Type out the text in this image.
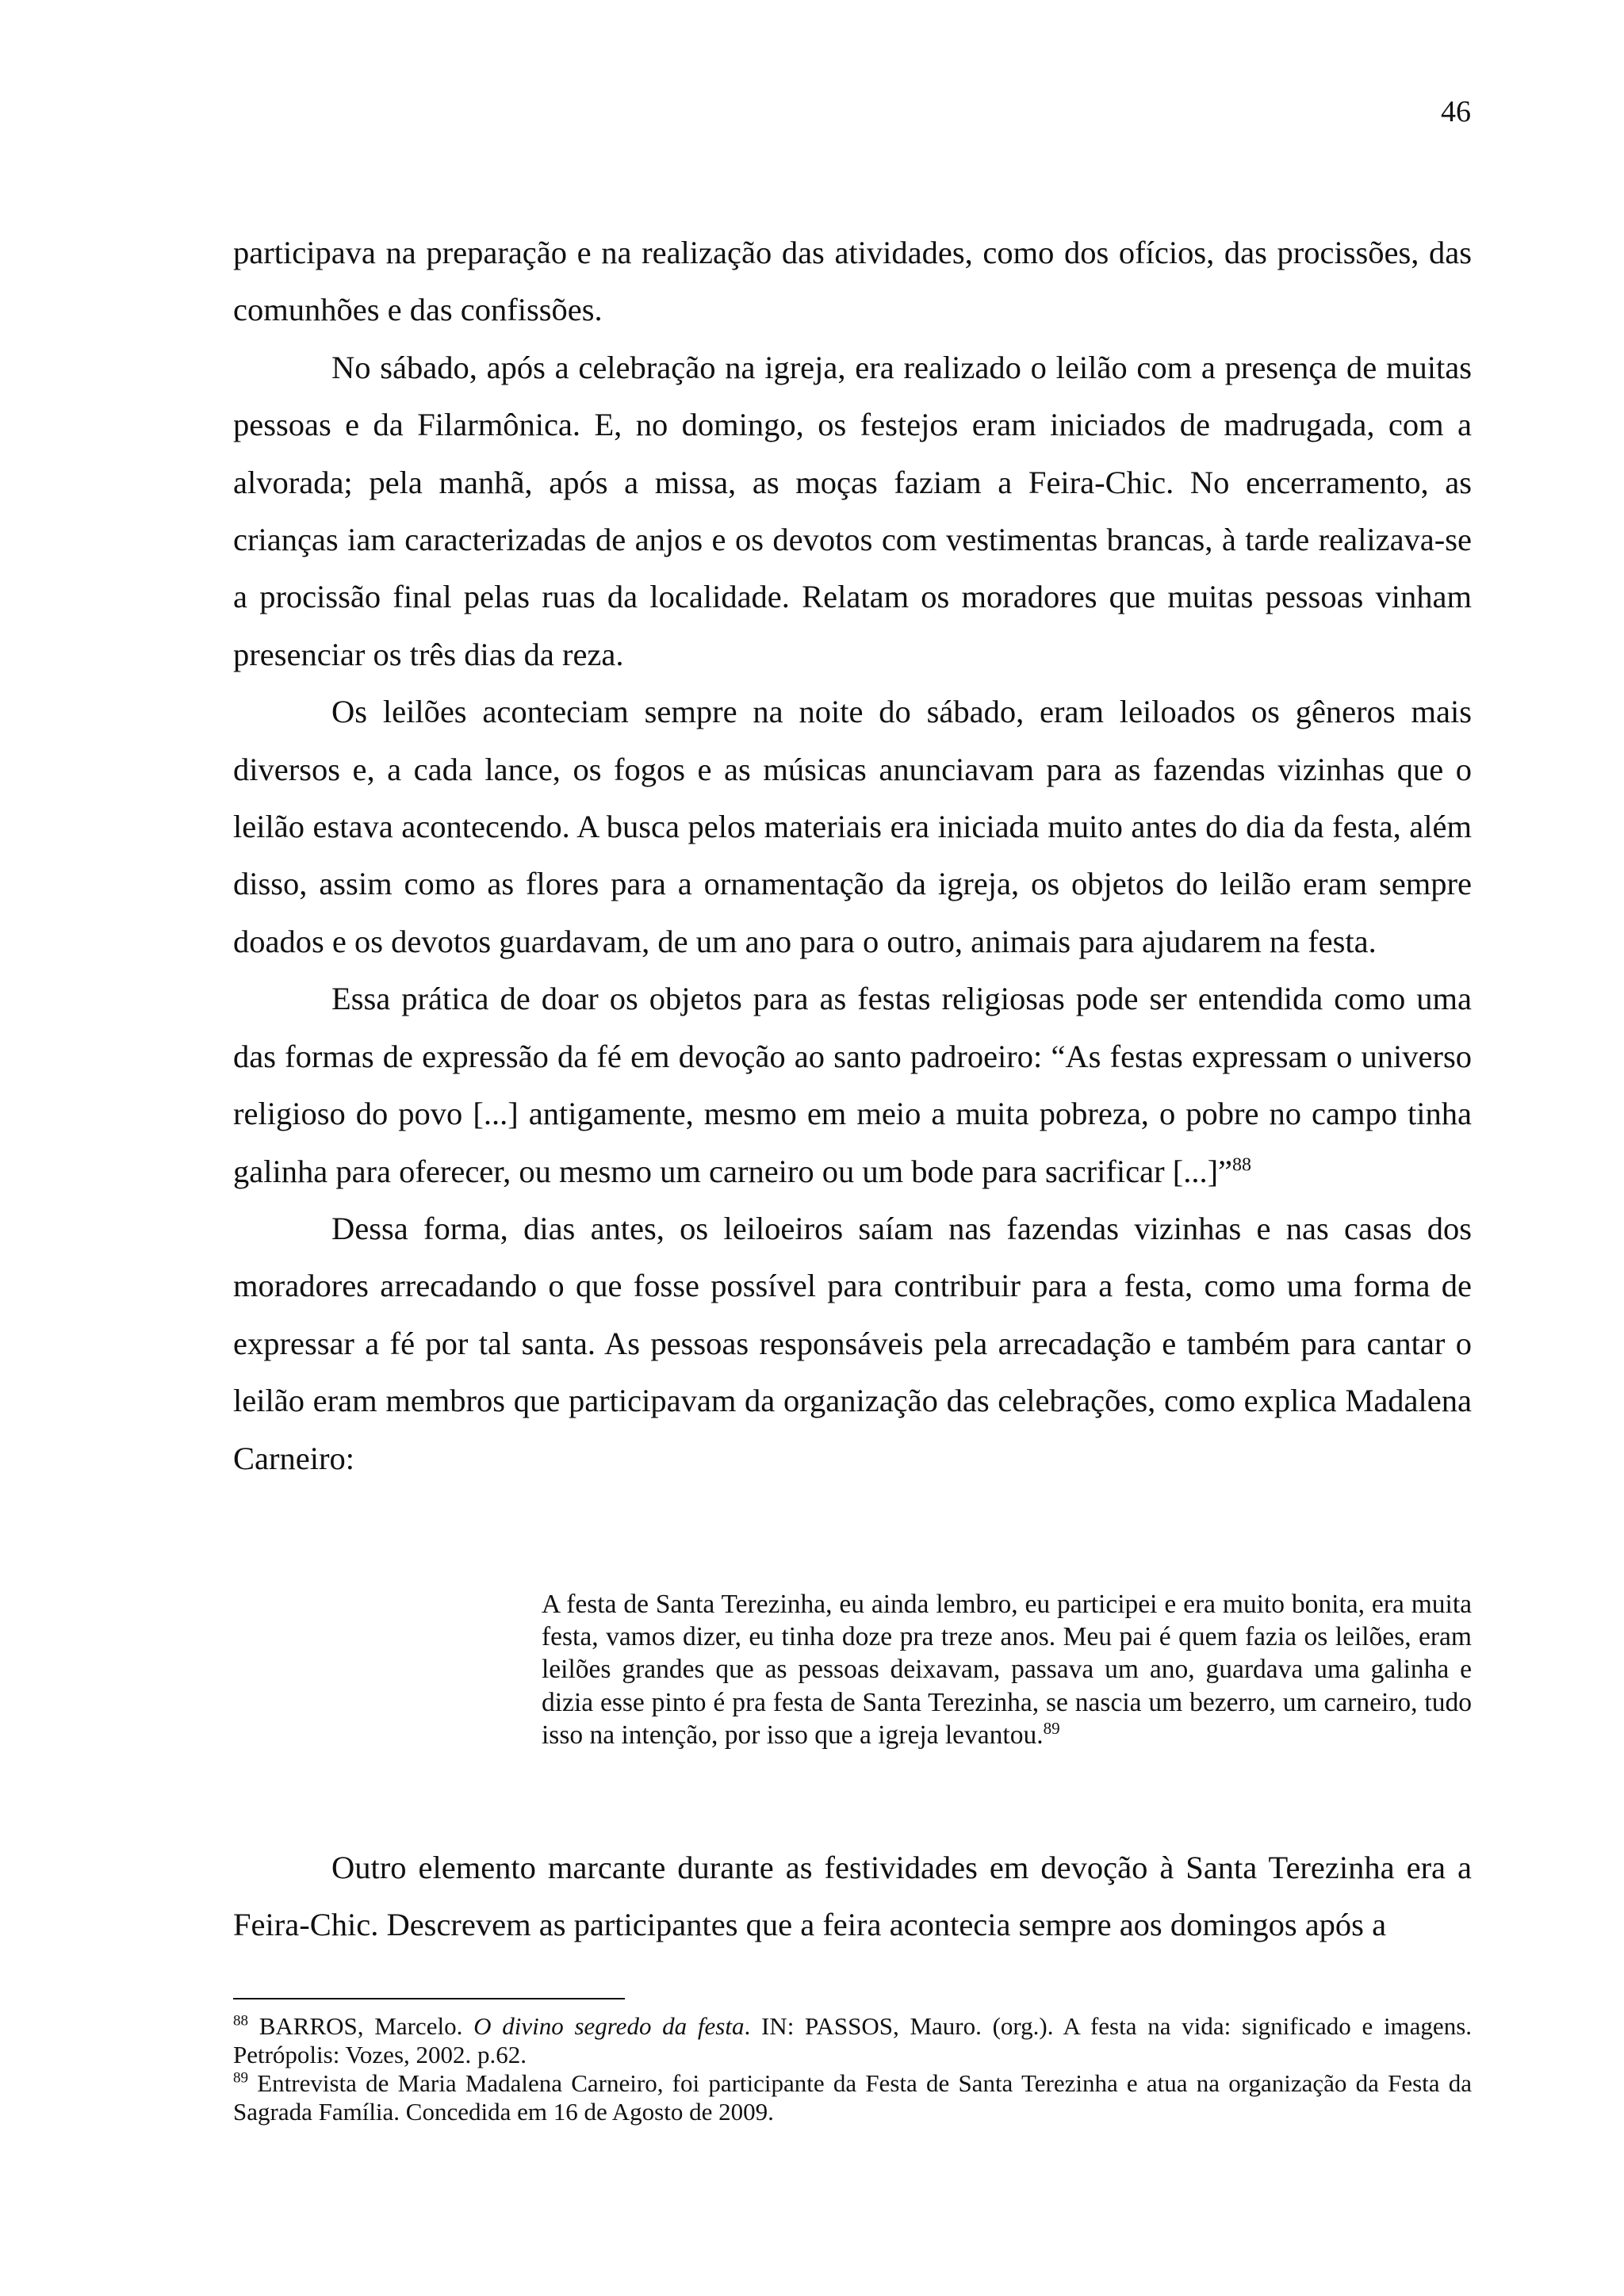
46

participava na preparação e na realização das atividades, como dos ofícios, das procissões, das comunhões e das confissões.

No sábado, após a celebração na igreja, era realizado o leilão com a presença de muitas pessoas e da Filarmônica. E, no domingo, os festejos eram iniciados de madrugada, com a alvorada; pela manhã, após a missa, as moças faziam a Feira-Chic. No encerramento, as crianças iam caracterizadas de anjos e os devotos com vestimentas brancas, à tarde realizava-se a procissão final pelas ruas da localidade. Relatam os moradores que muitas pessoas vinham presenciar os três dias da reza.

Os leilões aconteciam sempre na noite do sábado, eram leiloados os gêneros mais diversos e, a cada lance, os fogos e as músicas anunciavam para as fazendas vizinhas que o leilão estava acontecendo. A busca pelos materiais era iniciada muito antes do dia da festa, além disso, assim como as flores para a ornamentação da igreja, os objetos do leilão eram sempre doados e os devotos guardavam, de um ano para o outro, animais para ajudarem na festa.

Essa prática de doar os objetos para as festas religiosas pode ser entendida como uma das formas de expressão da fé em devoção ao santo padroeiro: “As festas expressam o universo religioso do povo [...] antigamente, mesmo em meio a muita pobreza, o pobre no campo tinha galinha para oferecer, ou mesmo um carneiro ou um bode para sacrificar [...]”$^{88}$

Dessa forma, dias antes, os leiloeiros saíam nas fazendas vizinhas e nas casas dos moradores arrecadando o que fosse possível para contribuir para a festa, como uma forma de expressar a fé por tal santa. As pessoas responsáveis pela arrecadação e também para cantar o leilão eram membros que participavam da organização das celebrações, como explica Madalena Carneiro:

A festa de Santa Terezinha, eu ainda lembro, eu participei e era muito bonita, era muita festa, vamos dizer, eu tinha doze pra treze anos. Meu pai é quem fazia os leilões, eram leilões grandes que as pessoas deixavam, passava um ano, guardava uma galinha e dizia esse pinto é pra festa de Santa Terezinha, se nascia um bezerro, um carneiro, tudo isso na intenção, por isso que a igreja levantou.$^{89}$

Outro elemento marcante durante as festividades em devoção à Santa Terezinha era a Feira-Chic. Descrevem as participantes que a feira acontecia sempre aos domingos após a

$^{88}$ BARROS, Marcelo. O divino segredo da festa. IN: PASSOS, Mauro. (org.). A festa na vida: significado e imagens. Petrópolis: Vozes, 2002. p.62.

$^{89}$ Entrevista de Maria Madalena Carneiro, foi participante da Festa de Santa Terezinha e atua na organização da Festa da Sagrada Família. Concedida em 16 de Agosto de 2009.
